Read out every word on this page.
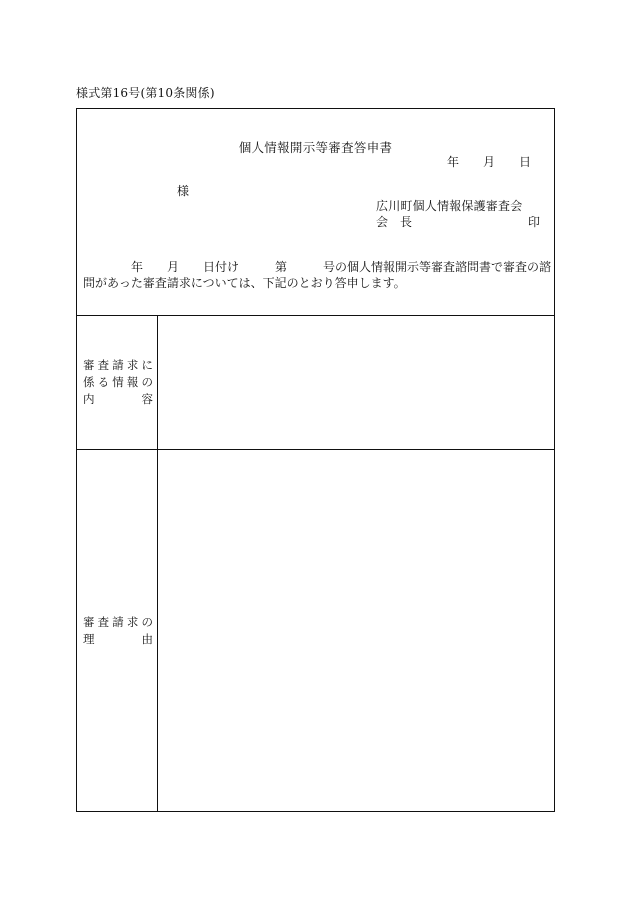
様式第16号(第10条関係)
個人情報開示等審査答申書
年　　月　　日
様
広川町個人情報保護審査会
会　長	印
　　　　年　　月　　日付け　　　第　　　号の個人情報開示等審査諮問書で審査の諮問があった審査請求については、下記のとおり答申します。
審 査 請 求 に
係 る 情 報 の
内	容
審 査 請 求 の
理	由
